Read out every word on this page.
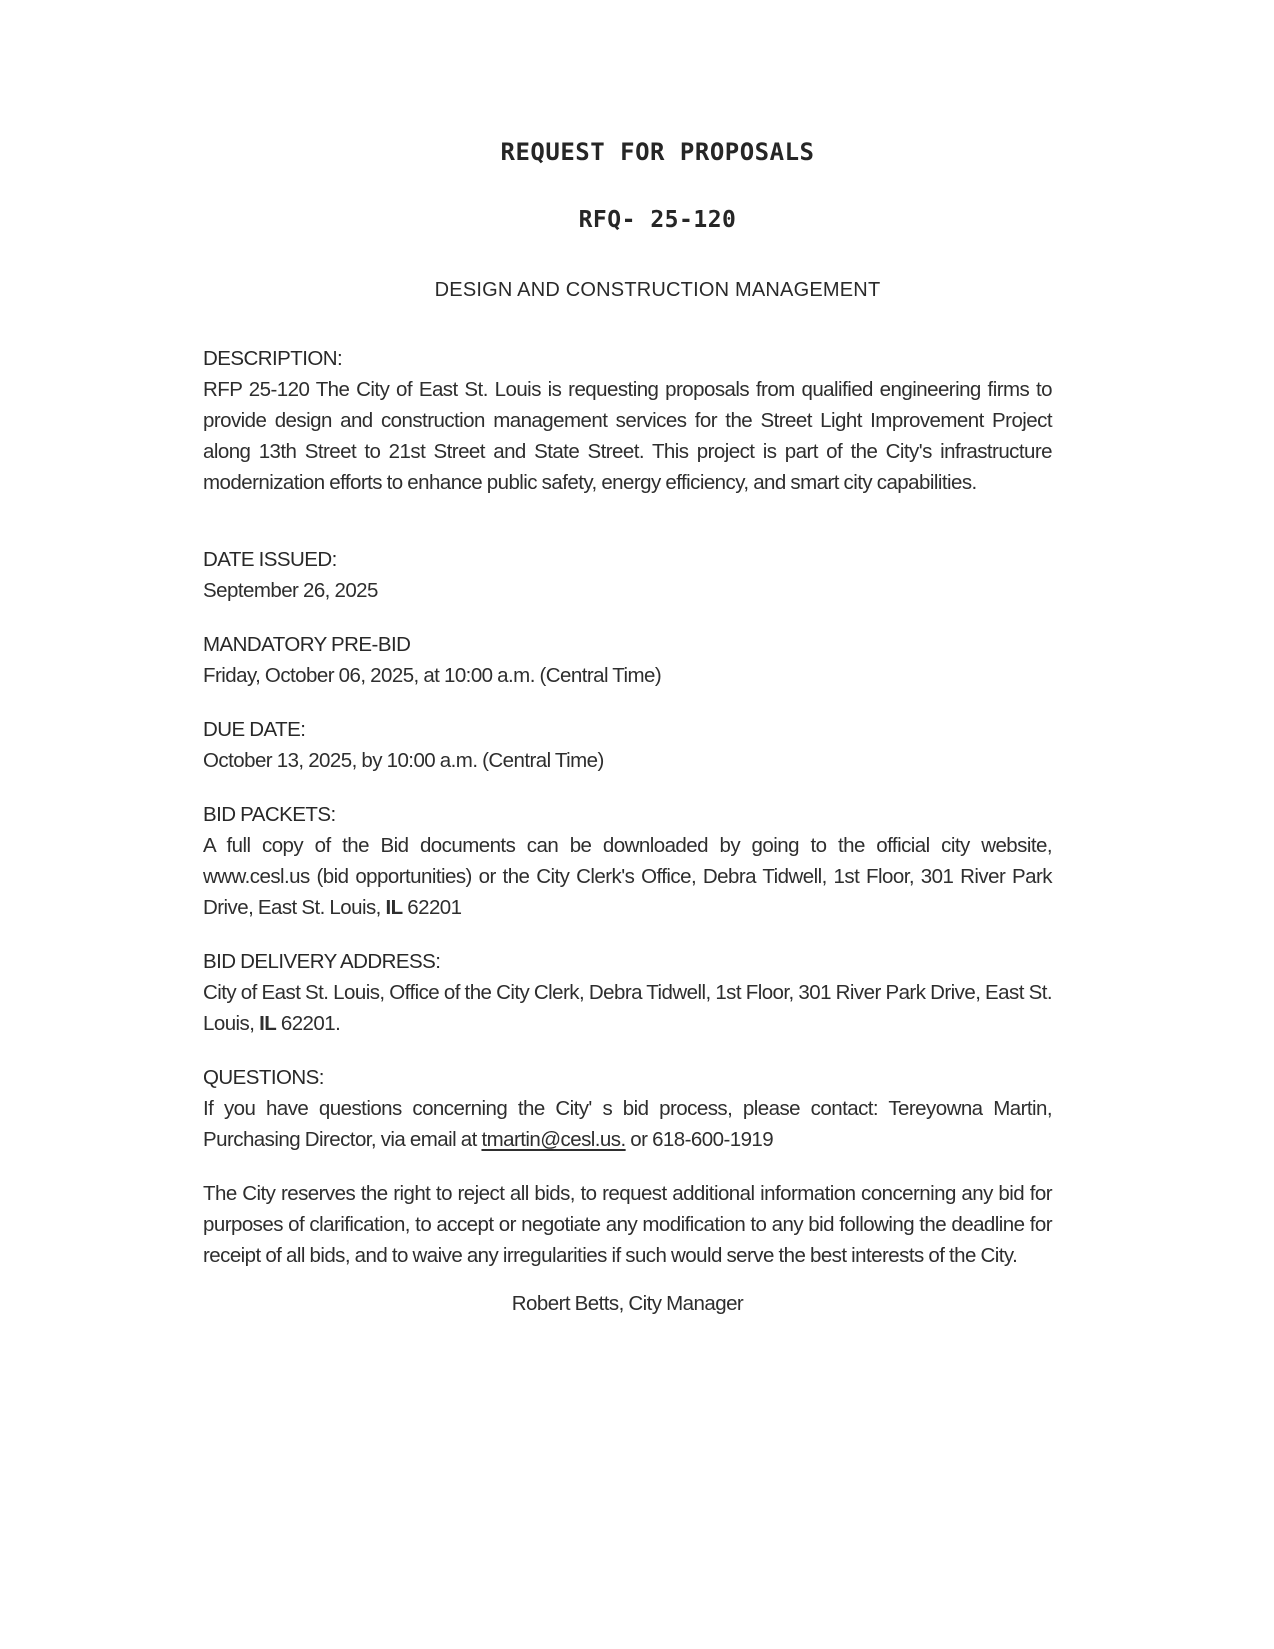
REQUEST FOR PROPOSALS
RFQ- 25-120
DESIGN AND CONSTRUCTION MANAGEMENT
DESCRIPTION:

RFP 25-120 The City of East St. Louis is requesting proposals from qualified engineering firms to provide design and construction management services for the Street Light Improvement Project along 13th Street to 21st Street and State Street. This project is part of the City's infrastructure modernization efforts to enhance public safety, energy efficiency, and smart city capabilities.

DATE ISSUED:

September 26, 2025

MANDATORY PRE-BID

Friday, October 06, 2025, at 10:00 a.m. (Central Time)

DUE DATE:

October 13, 2025, by 10:00 a.m. (Central Time)

BID PACKETS:

A full copy of the Bid documents can be downloaded by going to the official city website, www.cesl.us (bid opportunities) or the City Clerk's Office, Debra Tidwell, 1st Floor, 301 River Park Drive, East St. Louis, IL 62201

BID DELIVERY ADDRESS:

City of East St. Louis, Office of the City Clerk, Debra Tidwell, 1st Floor, 301 River Park Drive, East St. Louis, IL 62201.

QUESTIONS:

If you have questions concerning the City' s bid process, please contact: Tereyowna Martin, Purchasing Director, via email at tmartin@cesl.us. or 618-600-1919

The City reserves the right to reject all bids, to request additional information concerning any bid for purposes of clarification, to accept or negotiate any modification to any bid following the deadline for receipt of all bids, and to waive any irregularities if such would serve the best interests of the City.

Robert Betts, City Manager
